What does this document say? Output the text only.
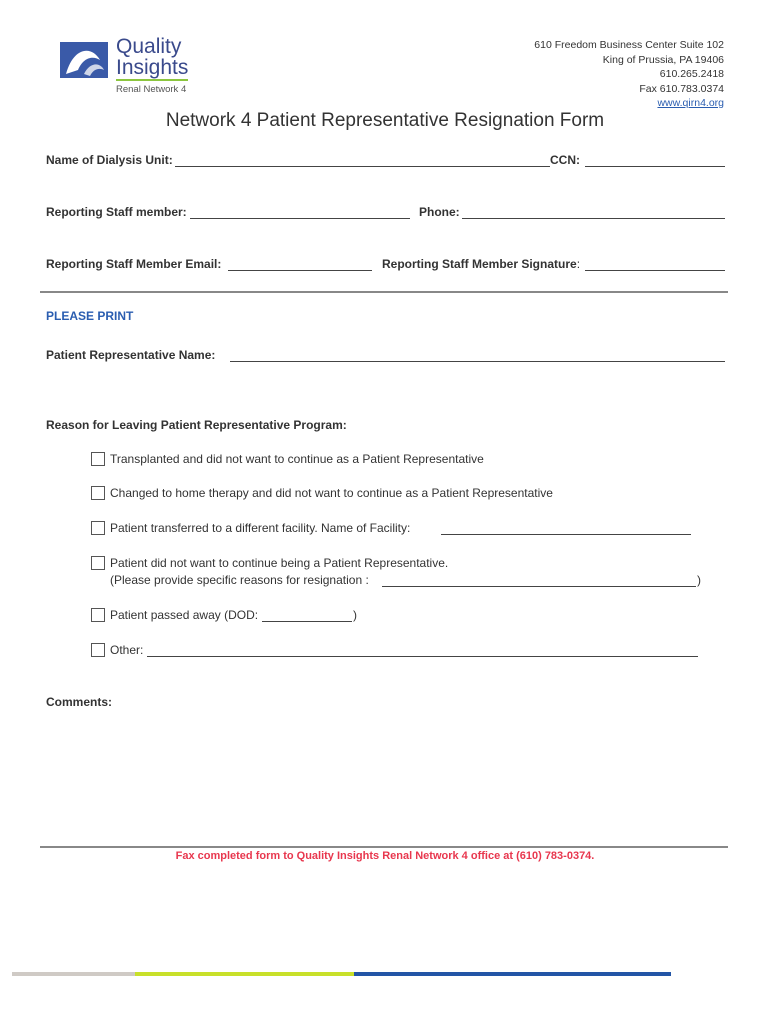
Quality
Insights
Renal Network 4
610 Freedom Business Center Suite 102
King of Prussia, PA 19406
610.265.2418
Fax 610.783.0374
www.qirn4.org
Network 4 Patient Representative Resignation Form
Name of Dialysis Unit:	CCN:
Reporting Staff member:	Phone:
Reporting Staff Member Email:	Reporting Staff Member Signature:
PLEASE PRINT
Patient Representative Name:
Reason for Leaving Patient Representative Program:
Transplanted and did not want to continue as a Patient Representative
Changed to home therapy and did not want to continue as a Patient Representative
Patient transferred to a different facility. Name of Facility:
Patient did not want to continue being a Patient Representative.
(Please provide specific reasons for resignation :	)
Patient passed away (DOD:	)
Other:
Comments:
Fax completed form to Quality Insights Renal Network 4 office at (610) 783-0374.
